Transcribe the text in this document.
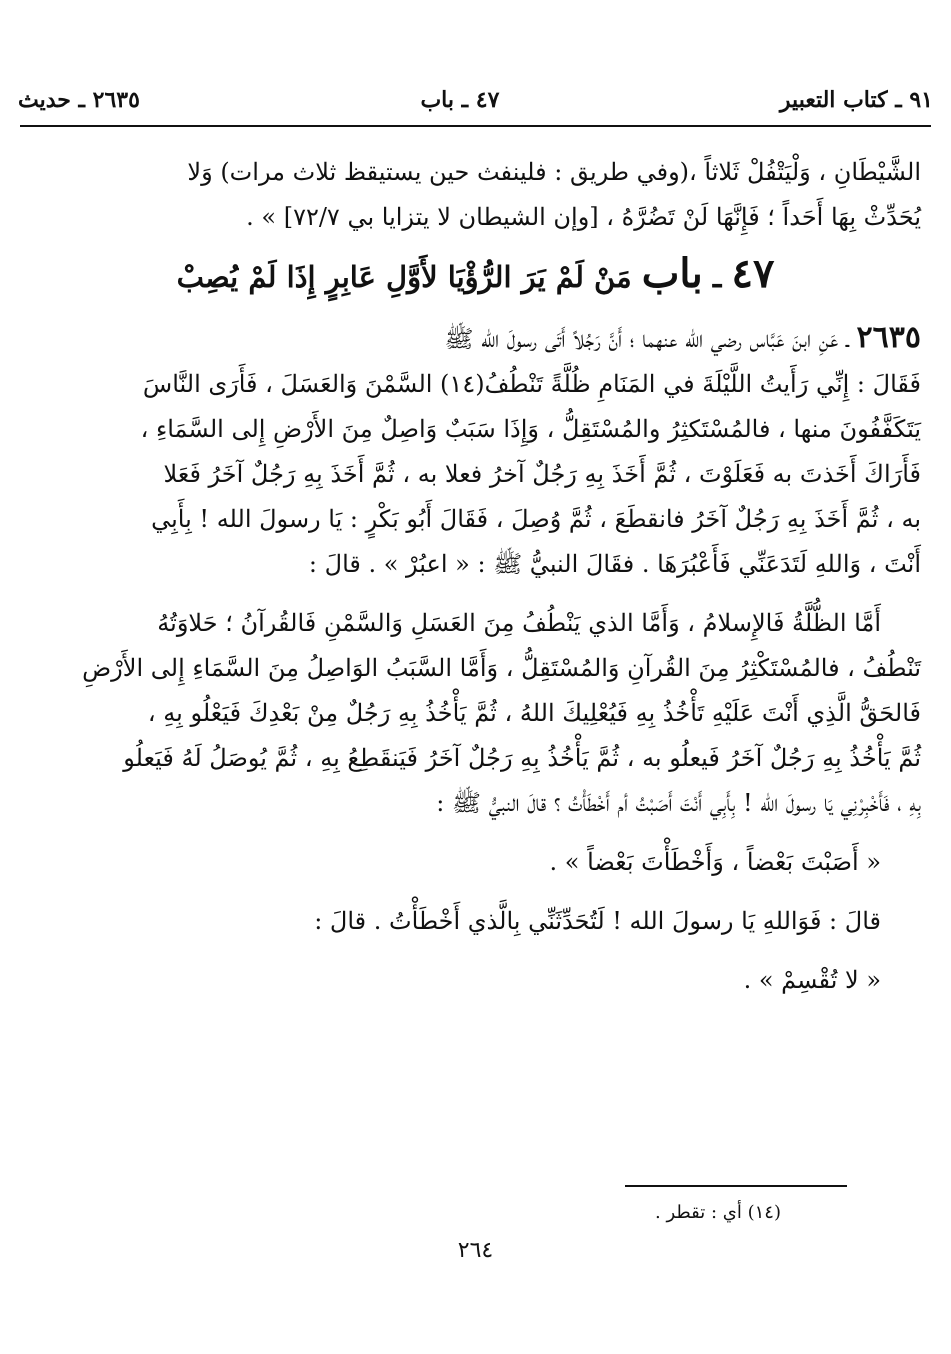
٩١ ـ كتاب التعبير
٤٧ ـ باب
٢٦٣٥ ـ حديث

الشَّيْطَانِ ، وَلْيَتْفُلْ ثَلاثاً ،(وفي طريق : فلينفث حين يستيقظ ثلاث مرات) وَلا

يُحَدِّثْ بِهَا أَحَداً ؛ فَإِنَّهَا لَنْ تَضُرَّهُ ، [وإن الشيطان لا يتزايا بي ٧٢/٧] » .

٤٧ ـ باب مَنْ لَمْ يَرَ الرُّؤْيَا لأَوَّلِ عَابِرٍ إِذَا لَمْ يُصِبْ

٢٦٣٥ ـ عَنِ ابنَ عَبَّاس رضي الله عنهما ؛ أَنَّ رَجُلاً أَتَى رسولَ الله ﷺ

فَقَالَ : إِنِّي رَأَيتُ اللَّيْلَةَ في المَنَامِ ظُلَّةً تَنْطُفُ(١٤) السَّمْنَ وَالعَسَلَ ، فَأَرَى النَّاسَ

يَتَكَفَّفُونَ منها ، فالمُسْتَكثِرُ والمُسْتَقِلُّ ، وَإِذَا سَبَبٌ وَاصِلٌ مِنَ الأَرْضِ إِلى السَّمَاءِ ،

فَأَرَاكَ أَخَذتَ به فَعَلَوْتَ ، ثُمَّ أَخَذَ بِهِ رَجُلٌ آخرُ فعلا به ، ثُمَّ أَخَذَ بِهِ رَجُلٌ آخَرُ فَعَلا

به ، ثُمَّ أَخَذَ بِهِ رَجُلٌ آخَرُ فانقطَعَ ، ثُمَّ وُصِلَ ، فَقَالَ أَبُو بَكْرٍ : يَا رسولَ الله ! بِأَبِي

أَنْتَ ، وَاللهِ لَتَدَعَنِّي فَأَعْبُرَهَا . فقَالَ النبيُّ ﷺ : « اعبُرْ » . قالَ :

أَمَّا الظُّلَّةُ فَالإِسلامُ ، وَأَمَّا الذي يَنْطُفُ مِنَ العَسَلِ وَالسَّمْنِ فَالقُرآنُ ؛ حَلاوَتُهُ

تَنْطُفُ ، فالمُسْتَكْثِرُ مِنَ القُرآنِ وَالمُسْتَقِلُّ ، وَأَمَّا السَّبَبُ الوَاصِلُ مِنَ السَّمَاءِ إِلى الأَرْضِ

فَالحَقُّ الَّذِي أَنْتَ عَلَيْهِ تَأْخُذُ بِهِ فَيُعْلِيكَ اللهُ ، ثُمَّ يَأْخُذُ بِهِ رَجُلٌ مِنْ بَعْدِكَ فَيَعْلُو بِهِ ،

ثُمَّ يَأْخُذُ بِهِ رَجُلٌ آخَرُ فَيعلُو به ، ثُمَّ يَأْخُذُ بِهِ رَجُلٌ آخَرُ فَيَنقَطِعُ بِهِ ، ثُمَّ يُوصَلُ لَهُ فَيَعلُو

بِهِ ، فَأَخْبِرْنِي يَا رسولَ الله ! بِأَبِي أَنْتَ أَصَبْتُ أم أَخْطَأْتُ ؟ قالَ النبيُّ ﷺ :

« أَصَبْتَ بَعْضاً ، وَأَخْطَأْتَ بَعْضاً » .

قالَ : فَوَاللهِ يَا رسولَ الله ! لَتُحَدِّثَنِّي بِالَّذي أَخْطَأْتُ . قالَ :

« لا تُقْسِمْ » .

(١٤) أي : تقطر .
٢٦٤
